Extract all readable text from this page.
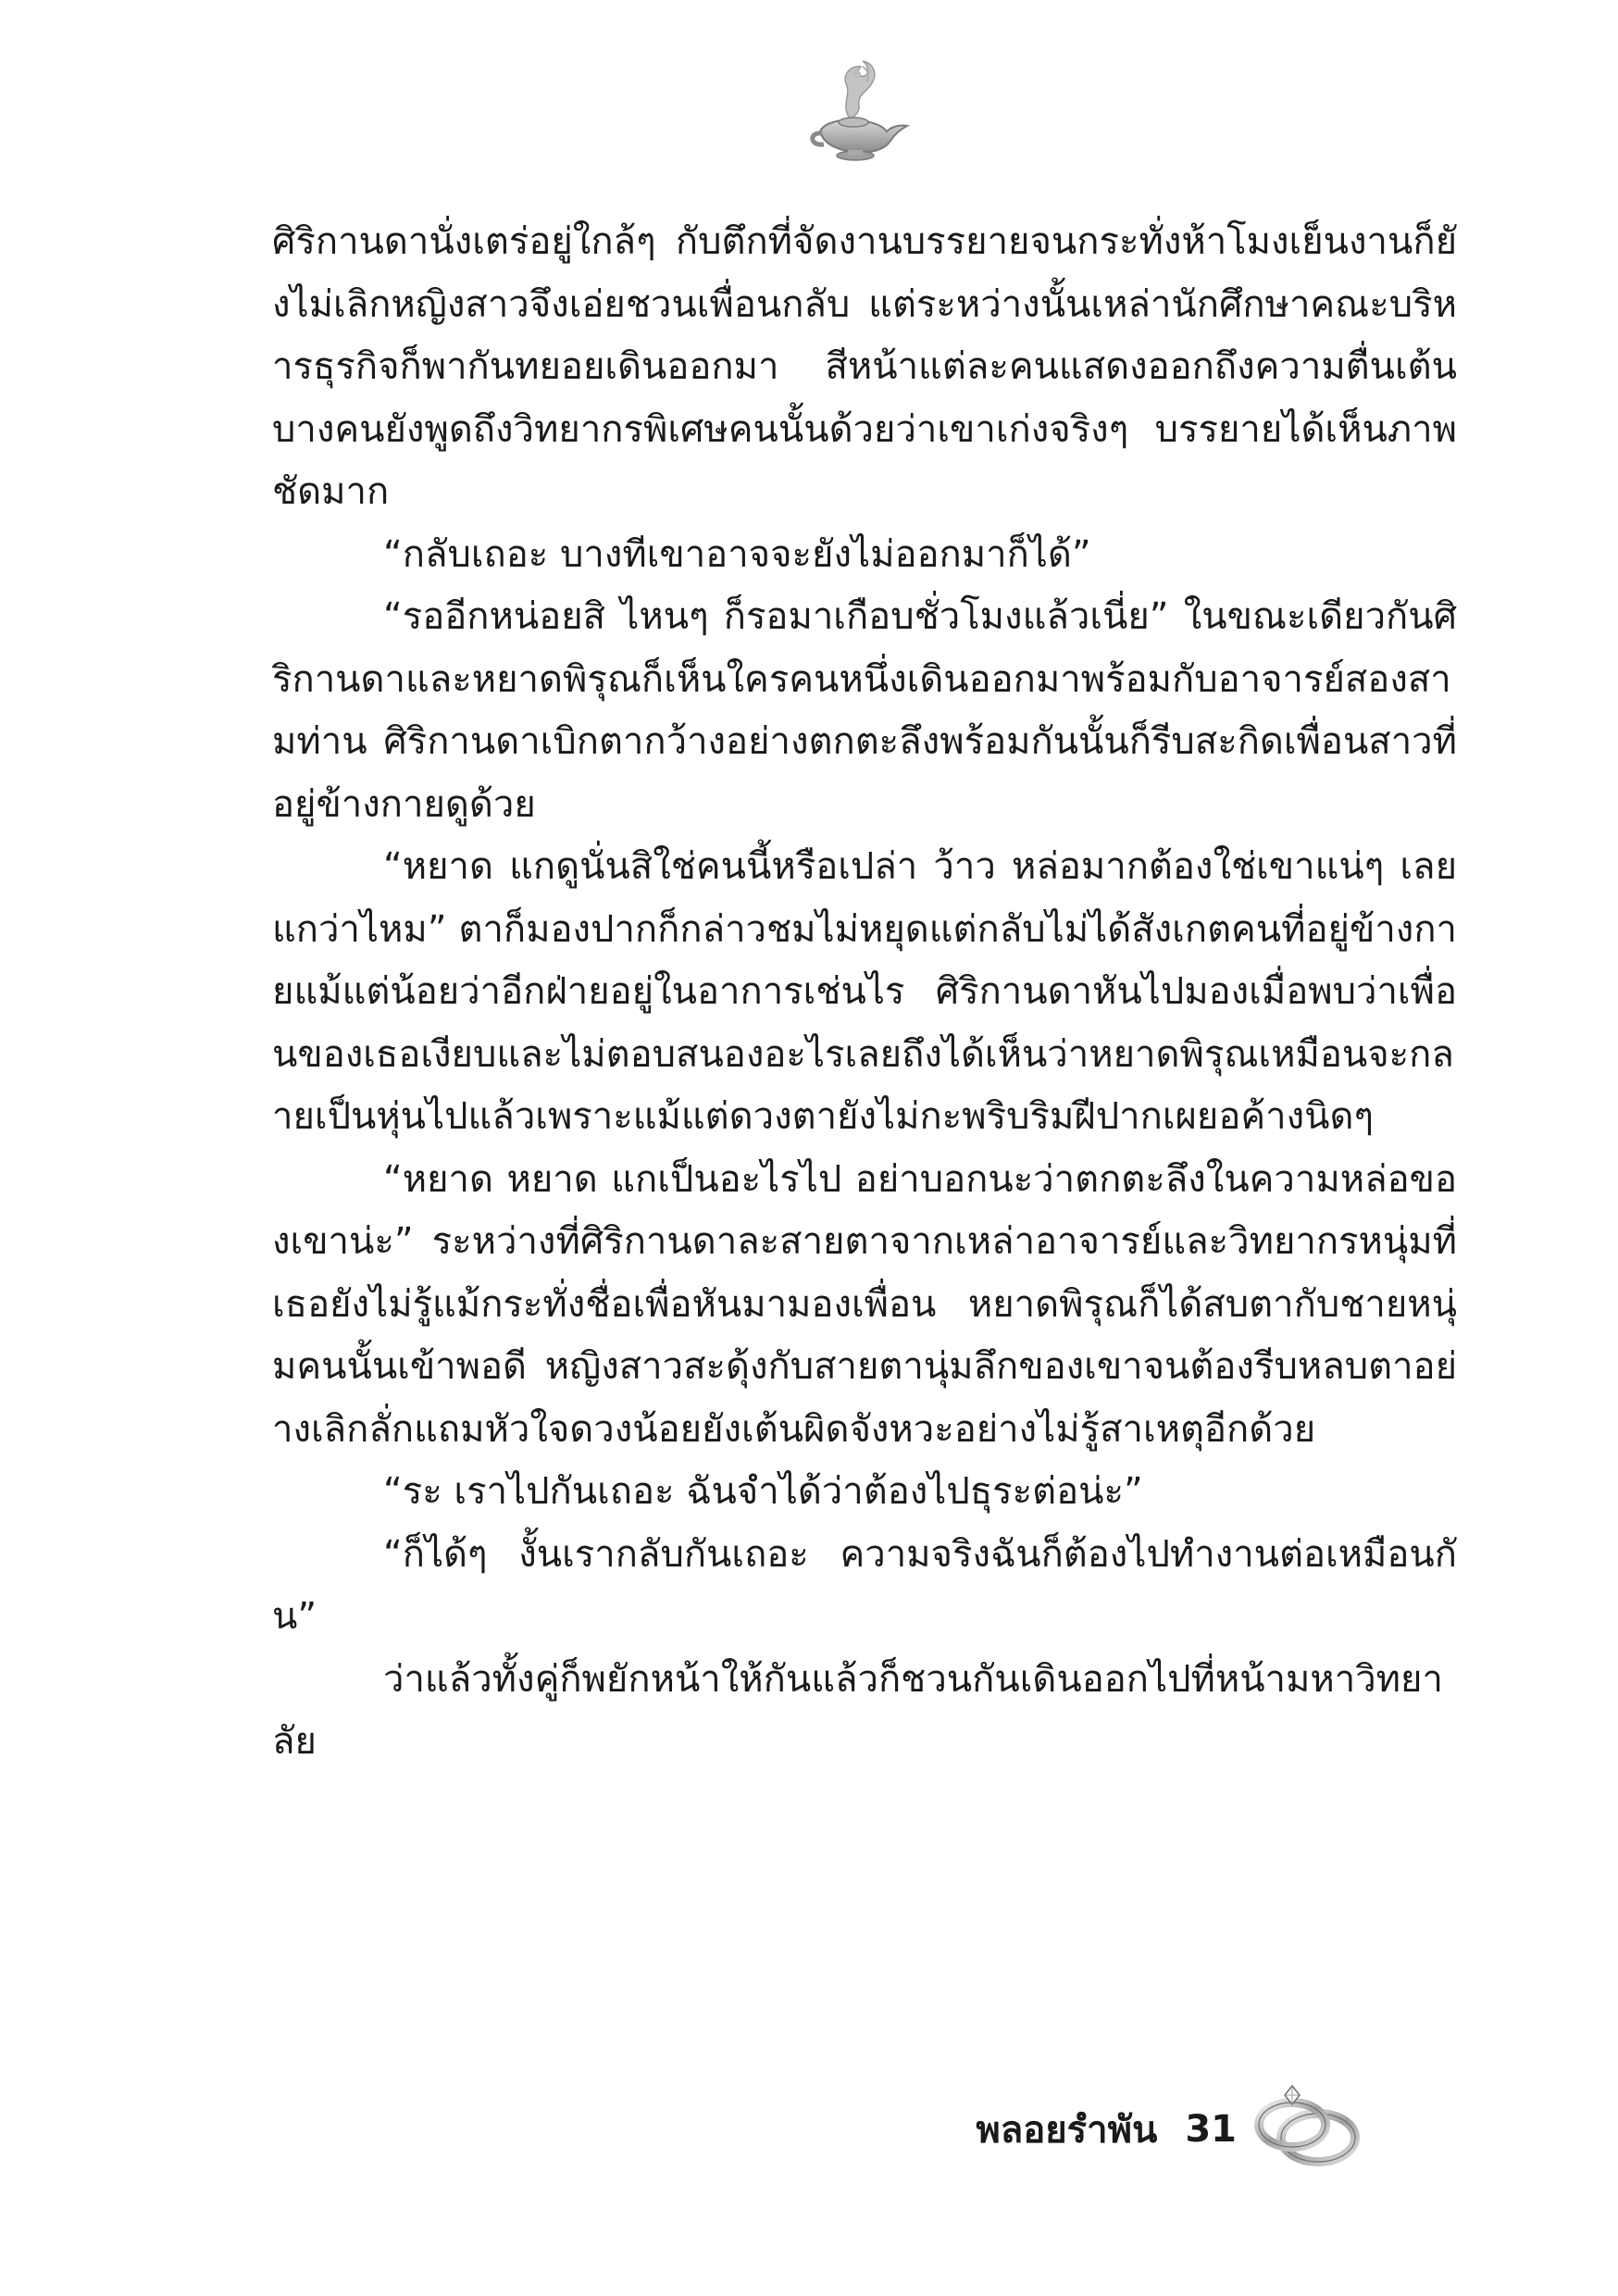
ศิริกานดานั่งเตร่อยู่ใกล้ๆ กับตึกที่จัดงานบรรยายจนกระทั่งห้าโมงเย็นงานก็ยังไม่เลิกหญิงสาวจึงเอ่ยชวนเพื่อนกลับ แต่ระหว่างนั้นเหล่านักศึกษาคณะบริหารธุรกิจก็พากันทยอยเดินออกมา สีหน้าแต่ละคนแสดงออกถึงความตื่นเต้น บางคนยังพูดถึงวิทยากรพิเศษคนนั้นด้วยว่าเขาเก่งจริงๆ บรรยายได้เห็นภาพชัดมาก

“กลับเถอะ บางทีเขาอาจจะยังไม่ออกมาก็ได้”

“รออีกหน่อยสิ ไหนๆ ก็รอมาเกือบชั่วโมงแล้วเนี่ย” ในขณะเดียวกันศิริกานดาและหยาดพิรุณก็เห็นใครคนหนึ่งเดินออกมาพร้อมกับอาจารย์สองสามท่าน ศิริกานดาเบิกตากว้างอย่างตกตะลึงพร้อมกันนั้นก็รีบสะกิดเพื่อนสาวที่อยู่ข้างกายดูด้วย

“หยาด แกดูนั่นสิใช่คนนี้หรือเปล่า ว้าว หล่อมากต้องใช่เขาแน่ๆ เลยแกว่าไหม” ตาก็มองปากก็กล่าวชมไม่หยุดแต่กลับไม่ได้สังเกตคนที่อยู่ข้างกายแม้แต่น้อยว่าอีกฝ่ายอยู่ในอาการเช่นไร ศิริกานดาหันไปมองเมื่อพบว่าเพื่อนของเธอเงียบและไม่ตอบสนองอะไรเลยถึงได้เห็นว่าหยาดพิรุณเหมือนจะกลายเป็นหุ่นไปแล้วเพราะแม้แต่ดวงตายังไม่กะพริบริมฝีปากเผยอค้างนิดๆ

“หยาด หยาด แกเป็นอะไรไป อย่าบอกนะว่าตกตะลึงในความหล่อของเขาน่ะ” ระหว่างที่ศิริกานดาละสายตาจากเหล่าอาจารย์และวิทยากรหนุ่มที่เธอยังไม่รู้แม้กระทั่งชื่อเพื่อหันมามองเพื่อน หยาดพิรุณก็ได้สบตากับชายหนุ่มคนนั้นเข้าพอดี หญิงสาวสะดุ้งกับสายตานุ่มลึกของเขาจนต้องรีบหลบตาอย่างเลิกลั่กแถมหัวใจดวงน้อยยังเต้นผิดจังหวะอย่างไม่รู้สาเหตุอีกด้วย

“ระ เราไปกันเถอะ ฉันจำได้ว่าต้องไปธุระต่อน่ะ”

“ก็ได้ๆ งั้นเรากลับกันเถอะ ความจริงฉันก็ต้องไปทำงานต่อเหมือนกัน”

ว่าแล้วทั้งคู่ก็พยักหน้าให้กันแล้วก็ชวนกันเดินออกไปที่หน้ามหาวิทยาลัย

พลอยรำพัน 31
